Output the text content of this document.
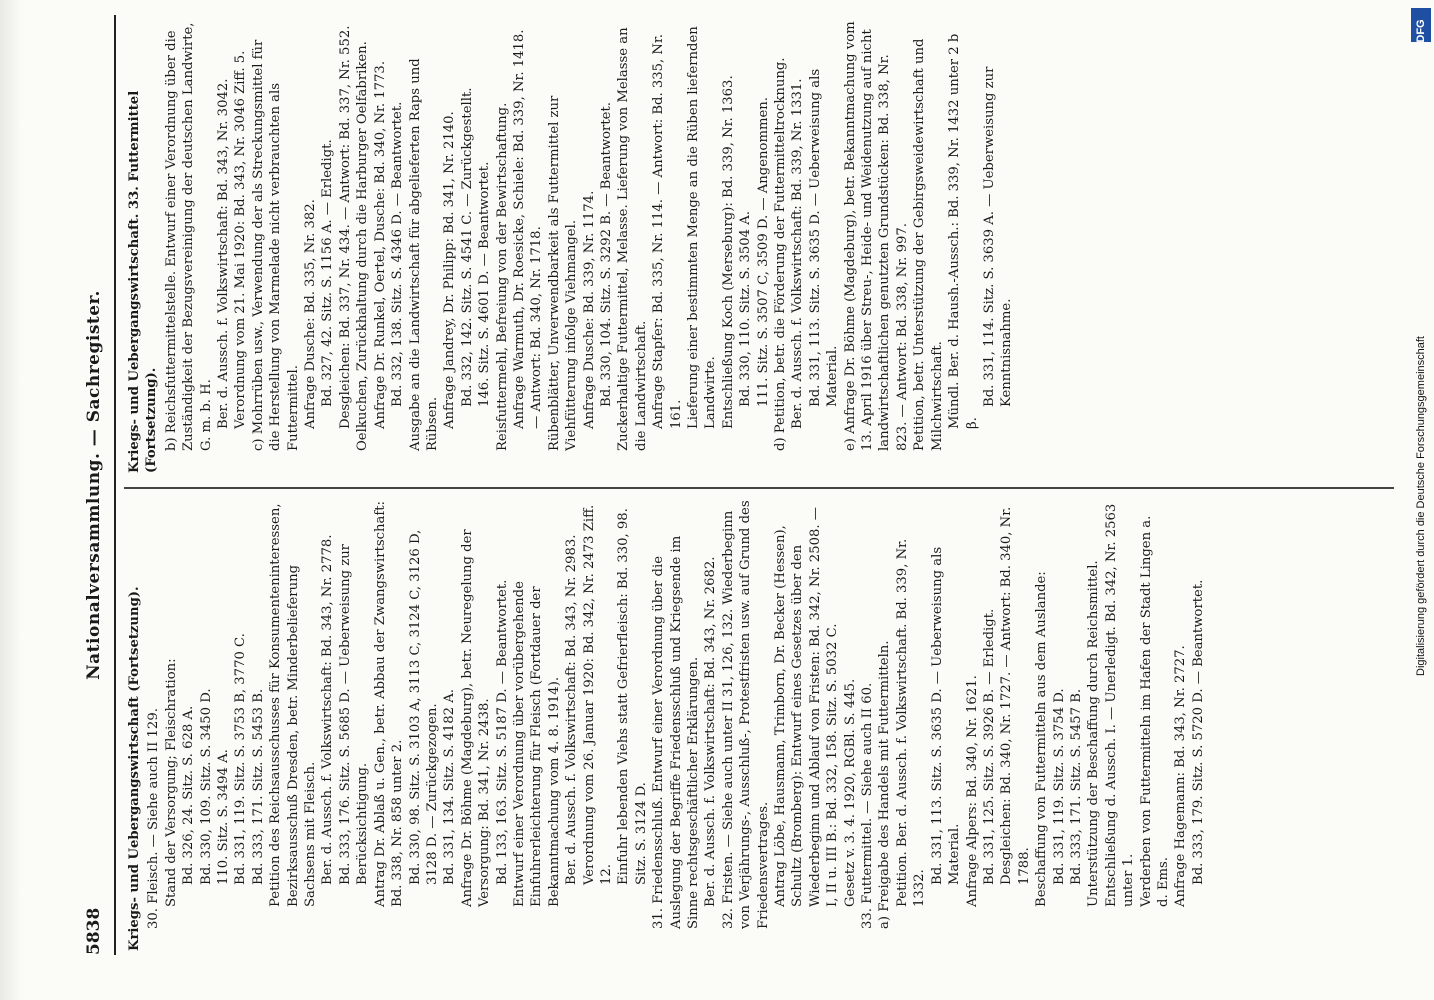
5838
Nationalversammlung. — Sachregister.
Kriegs- und Uebergangswirtschaft (Fortsetzung). 30. Fleisch. — Siehe auch II 129. Stand der Versorgung; Fleischration: Bd. 326, 24. Sitz. S. 628 A. Bd. 330, 109. Sitz. S. 3450 D. 110. Sitz. S. 3494 A. Bd. 331, 119. Sitz. S. 3753 B, 3770 C. Bd. 333, 171. Sitz. S. 5453 B. Petition des Reichsausschusses für Konsumenteninteressen, Bezirksausschuß Dresden, betr. Minderbelieferung Sachsens mit Fleisch. Ber. d. Aussch. f. Volkswirtschaft: Bd. 343, Nr. 2778. Bd. 333, 176. Sitz. S. 5685 D. — Ueberweisung zur Berücksichtigung. Antrag Dr. Ablaß u. Gen., betr. Abbau der Zwangswirtschaft: Bd. 338, Nr. 858 unter 2. Bd. 330, 98. Sitz. S. 3103 A, 3113 C, 3124 C, 3126 D, 3128 D. — Zurückgezogen. Bd. 331, 134. Sitz. S. 4182 A. Anfrage Dr. Böhme (Magdeburg), betr. Neuregelung der Versorgung: Bd. 341, Nr. 2438. Bd. 133, 163. Sitz. S. 5187 D. — Beantwortet. Entwurf einer Verordnung über vorübergehende Einfuhrerleichterung für Fleisch (Fortdauer der Bekanntmachung vom 4. 8. 1914). Ber. d. Aussch. f. Volkswirtschaft: Bd. 343, Nr. 2983. Verordnung vom 26. Januar 1920: Bd. 342, Nr. 2473 Ziff. 12. Einfuhr lebenden Viehs statt Gefrierfleisch: Bd. 330, 98. Sitz. S. 3124 D. 31. Friedensschluß. Entwurf einer Verordnung über die Auslegung der Begriffe Friedensschluß und Kriegsende im Sinne rechtsgeschäftlicher Erklärungen. Ber. d. Aussch. f. Volkswirtschaft: Bd. 343, Nr. 2682. 32. Fristen. — Siehe auch unter II 31, 126, 132. Wiederbeginn von Verjährungs-, Ausschluß-, Protestfristen usw. auf Grund des Friedensvertrages. Antrag Löbe, Hausmann, Trimborn, Dr. Becker (Hessen), Schultz (Bromberg): Entwurf eines Gesetzes über den Wiederbeginn und Ablauf von Fristen: Bd. 342, Nr. 2508. — I, II u. III B.: Bd. 332, 158. Sitz. S. 5032 C. Gesetz v. 3. 4. 1920, RGBl. S. 445. 33. Futtermittel. — Siehe auch II 60. a) Freigabe des Handels mit Futtermitteln. Petition. Ber. d. Aussch. f. Volkswirtschaft. Bd. 339, Nr. 1332.
Bd. 331, 113. Sitz. S. 3635 D. — Ueberweisung als Material. Anfrage Alpers: Bd. 340, Nr. 1621. Bd. 331, 125. Sitz. S. 3926 B. — Erledigt. Desgleichen: Bd. 340, Nr. 1727. — Antwort: Bd. 340, Nr. 1788. Beschaffung von Futtermitteln aus dem Auslande: Bd. 331, 119. Sitz. S. 3754 D. Bd. 333, 171. Sitz. S. 5457 B. Unterstützung der Beschaffung durch Reichsmittel. Entschließung d. Aussch. I. — Unerledigt. Bd. 342, Nr. 2563 unter 1. Verderben von Futtermitteln im Hafen der Stadt Lingen a. d. Ems. Anfrage Hagemann: Bd. 343, Nr. 2727. Bd. 333, 179. Sitz. S. 5720 D. — Beantwortet.
Kriegs- und Uebergangswirtschaft. 33. Futtermittel (Fortsetzung). b) Reichsfuttermittelstelle. Entwurf einer Verordnung über die Zuständigkeit der Bezugsvereinigung der deutschen Landwirte, G. m. b. H. Ber. d. Aussch. f. Volkswirtschaft: Bd. 343, Nr. 3042. Verordnung vom 21. Mai 1920: Bd. 343, Nr. 3046 Ziff. 5. c) Mohrrüben usw., Verwendung der als Streckungsmittel für die Herstellung von Marmelade nicht verbrauchten als Futtermittel. Anfrage Dusche: Bd. 335, Nr. 382. Bd. 327, 42. Sitz. S. 1156 A. — Erledigt. Desgleichen: Bd. 337, Nr. 434. — Antwort: Bd. 337, Nr. 552. Oelkuchen, Zurückhaltung durch die Harburger Oelfabriken. Anfrage Dr. Runkel, Oertel, Dusche: Bd. 340, Nr. 1773. Bd. 332, 138. Sitz. S. 4346 D. — Beantwortet. Ausgabe an die Landwirtschaft für abgelieferten Raps und Rübsen. Anfrage Jandrey, Dr. Philipp: Bd. 341, Nr. 2140. Bd. 332, 142. Sitz. S. 4541 C. — Zurückgestellt. 146. Sitz. S. 4601 D. — Beantwortet. Reisfuttermehl, Befreiung von der Bewirtschaftung. Anfrage Warmuth, Dr. Roesicke, Schiele: Bd. 339, Nr. 1418. — Antwort: Bd. 340, Nr. 1718. Rübenblätter, Unverwendbarkeit als Futtermittel zur Viehfütterung infolge Viehmangel. Anfrage Dusche: Bd. 339, Nr. 1174. Bd. 330, 104. Sitz. S. 3292 B. — Beantwortet. Zuckerhaltige Futtermittel, Melasse. Lieferung von Melasse an die Landwirtschaft. Anfrage Stapfer: Bd. 335, Nr. 114. — Antwort: Bd. 335, Nr. 161. Lieferung einer bestimmten Menge an die Rüben liefernden Landwirte. Entschließung Koch (Merseburg): Bd. 339, Nr. 1363. Bd. 330, 110. Sitz. S. 3504 A. 111. Sitz. S. 3507 C, 3509 D. — Angenommen. d) Petition, betr. die Förderung der Futtermitteltrocknung. Ber. d. Aussch. f. Volkswirtschaft: Bd. 339, Nr. 1331. Bd. 331, 113. Sitz. S. 3635 D. — Ueberweisung als Material. e) Anfrage Dr. Böhme (Magdeburg), betr. Bekanntmachung vom 13. April 1916 über Streu-, Heide- und Weidenutzung auf nicht landwirtschaftlichen genutzten Grundstücken: Bd. 338, Nr. 823. — Antwort: Bd. 338, Nr. 997. Petition, betr. Unterstützung der Gebirgsweidewirtschaft und Milchwirtschaft. Mündl. Ber. d. Haush.-Aussch.: Bd. 339, Nr. 1432 unter 2 b β.
Bd. 331, 114. Sitz. S. 3639 A. — Ueberweisung zur Kenntnisnahme.
DFG
Digitalisierung gefördert durch die Deutsche Forschungsgemeinschaft
